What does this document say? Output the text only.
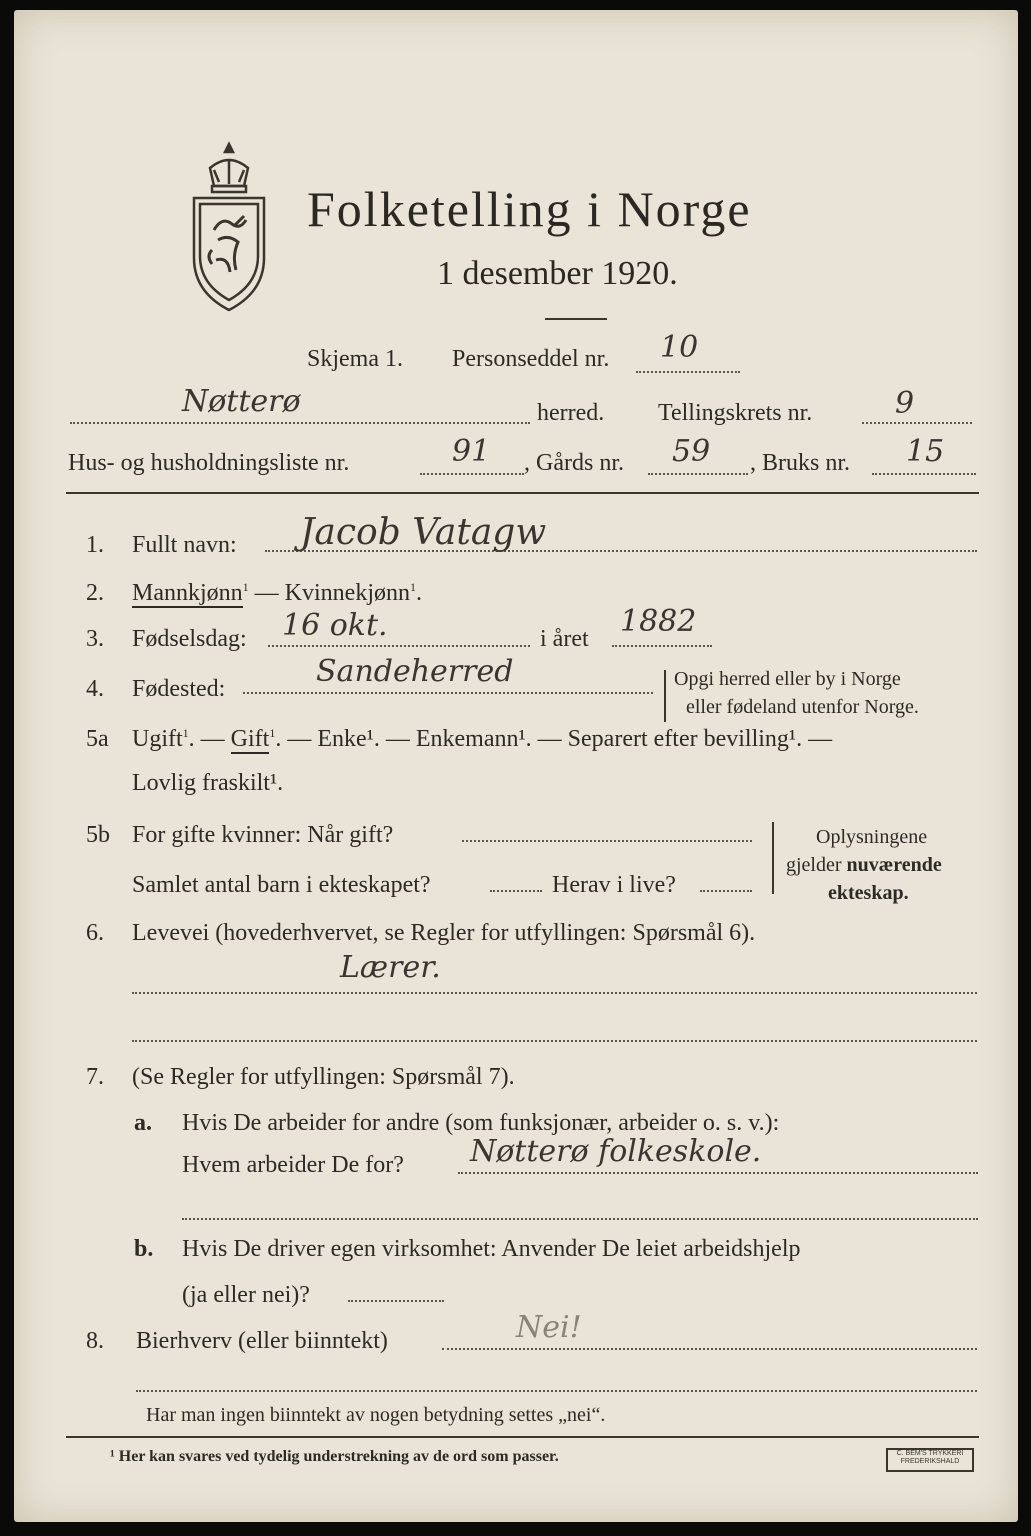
Folketelling i Norge
1 desember 1920.
Skjema 1. Personseddel nr. 10
Nøtterø	herred. Tellingskrets nr.	9
Hus- og husholdningsliste nr.	91 , Gårds nr. 59 , Bruks nr. 15
1. Fullt navn: Jacob Vatagw
2. Mannkjønn$^1$ — Kvinnekjønn$^1$.
3. Fødselsdag: 16 okt.	i året 1882
4. Fødested:	Sandeherred	Opgi herred eller by i Norge
eller fødeland utenfor Norge.
5a Ugift$^1$. — Gift$^1$. — Enke¹. — Enkemann¹. — Separert efter bevilling¹. —
Lovlig fraskilt¹.
5b For gifte kvinner: Når gift?
Samlet antal barn i ekteskapet?	Herav i live?
Oplysningene
gjelder nuværende
ekteskap.
6. Levevei (hovederhvervet, se Regler for utfyllingen: Spørsmål 6).
Lærer.
7. (Se Regler for utfyllingen: Spørsmål 7).
a. Hvis De arbeider for andre (som funksjonær, arbeider o. s. v.):
Hvem arbeider De for? Nøtterø folkeskole.
b. Hvis De driver egen virksomhet: Anvender De leiet arbeidshjelp
(ja eller nei)?
8. Bierhverv (eller biinntekt)	Nei!
Har man ingen biinntekt av nogen betydning settes „nei“.
¹ Her kan svares ved tydelig understrekning av de ord som passer.	C. BEM'S TRYKKERI
FREDERIKSHALD
